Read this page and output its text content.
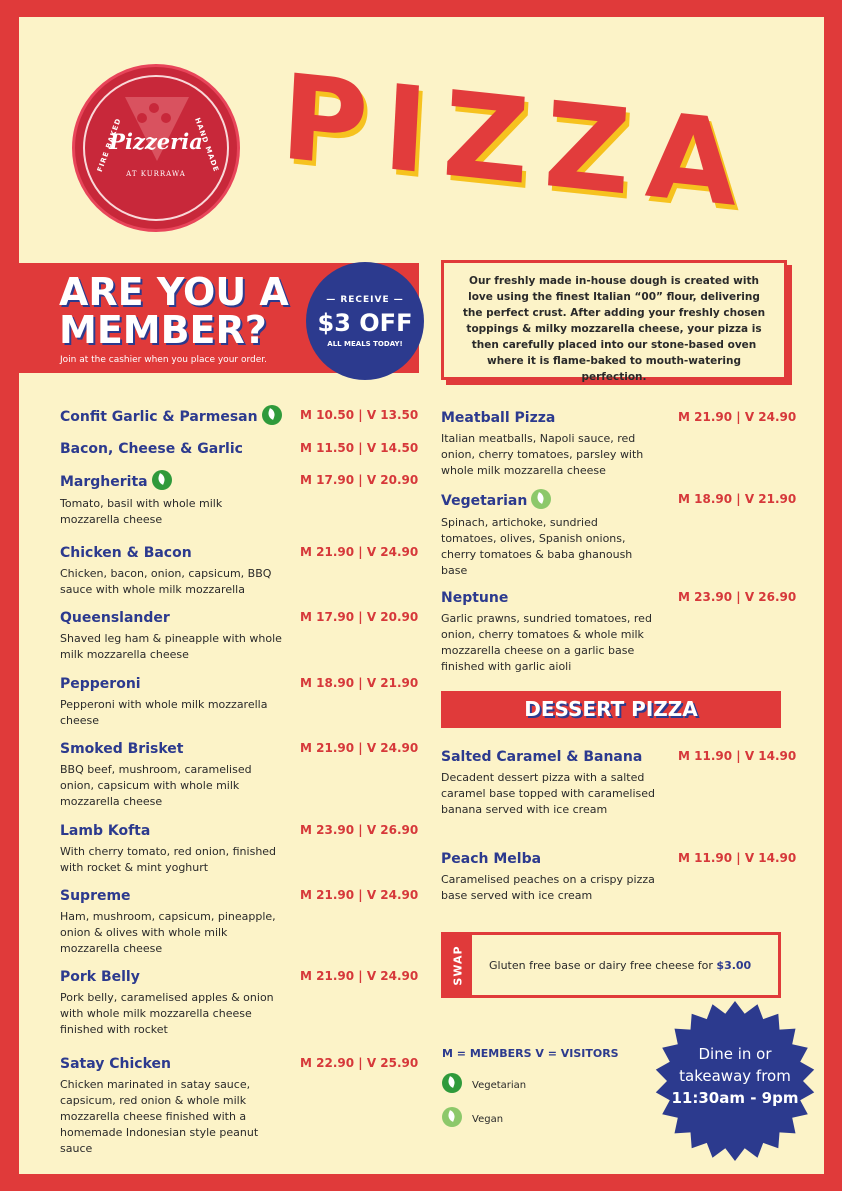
Pizzeria
AT KURRAWA
FIRE BAKED	HAND MADE PIZZA
ARE YOU A
MEMBER?
Join at the cashier when you place your order.
— RECEIVE —
$3 OFF
ALL MEALS TODAY!
Our freshly made in-house dough is created with love using the finest Italian “00” flour, delivering the perfect crust. After adding your freshly chosen toppings & milky mozzarella cheese, your pizza is then carefully placed into our stone-based oven where it is flame-baked to mouth-watering perfection.
Confit Garlic & Parmesan	M 10.50 | V 13.50
Bacon, Cheese & Garlic	M 11.50 | V 14.50
Margherita	M 17.90 | V 20.90
Tomato, basil with whole milk mozzarella cheese
Chicken & Bacon	M 21.90 | V 24.90
Chicken, bacon, onion, capsicum, BBQ sauce with whole milk mozzarella
Queenslander	M 17.90 | V 20.90
Shaved leg ham & pineapple with whole milk mozzarella cheese
Pepperoni	M 18.90 | V 21.90
Pepperoni with whole milk mozzarella cheese
Smoked Brisket	M 21.90 | V 24.90
BBQ beef, mushroom, caramelised onion, capsicum with whole milk mozzarella cheese
Lamb Kofta	M 23.90 | V 26.90
With cherry tomato, red onion, finished with rocket & mint yoghurt
Supreme	M 21.90 | V 24.90
Ham, mushroom, capsicum, pineapple, onion & olives with whole milk mozzarella cheese
Pork Belly	M 21.90 | V 24.90
Pork belly, caramelised apples & onion with whole milk mozzarella cheese finished with rocket
Satay Chicken	M 22.90 | V 25.90
Chicken marinated in satay sauce, capsicum, red onion & whole milk mozzarella cheese finished with a homemade Indonesian style peanut sauce
Meatball Pizza	M 21.90 | V 24.90
Italian meatballs, Napoli sauce, red onion, cherry tomatoes, parsley with whole milk mozzarella cheese
Vegetarian	M 18.90 | V 21.90
Spinach, artichoke, sundried tomatoes, olives, Spanish onions, cherry tomatoes & baba ghanoush base
Neptune	M 23.90 | V 26.90
Garlic prawns, sundried tomatoes, red onion, cherry tomatoes & whole milk mozzarella cheese on a garlic base finished with garlic aioli
DESSERT PIZZA
Salted Caramel & Banana	M 11.90 | V 14.90
Decadent dessert pizza with a salted caramel base topped with caramelised banana served with ice cream
Peach Melba	M 11.90 | V 14.90
Caramelised peaches on a crispy pizza base served with ice cream
SWAP Gluten free base or dairy free cheese for $3.00
M = MEMBERS V = VISITORS
Vegetarian
Vegan
Dine in or
takeaway from
11:30am - 9pm
